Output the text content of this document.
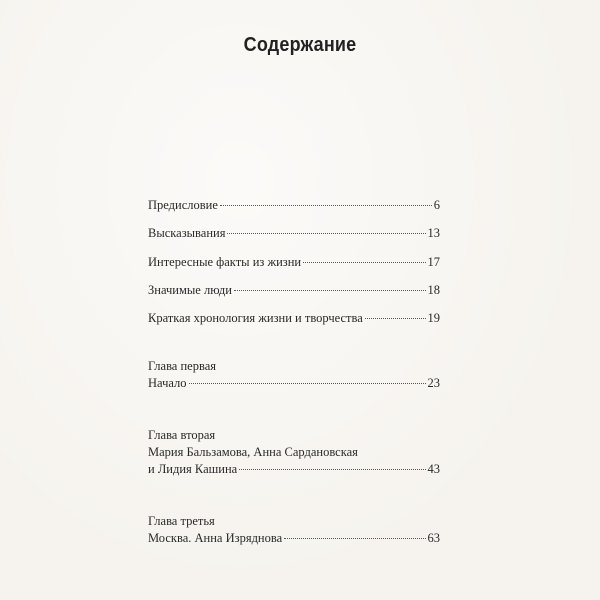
Содержание
Предисловие	6
Высказывания	13
Интересные факты из жизни	17
Значимые люди	18
Краткая хронология жизни и творчества	19
Глава первая
Начало	23
Глава вторая
Мария Бальзамова, Анна Сардановская
и Лидия Кашина	43
Глава третья
Москва. Анна Изряднова	63
